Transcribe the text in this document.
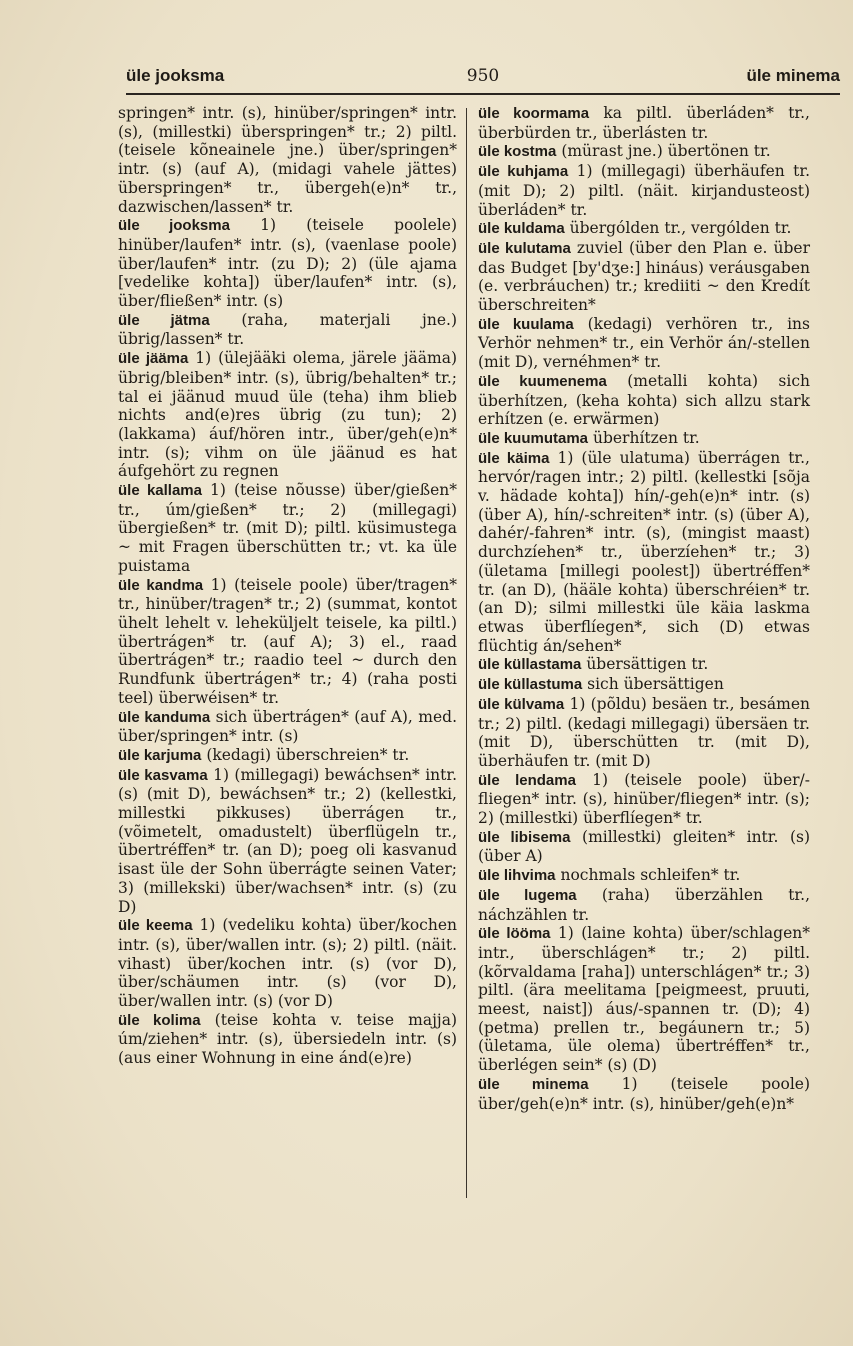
üle jooksma	950	üle minema

springen* intr. (s), hinüber/springen* intr. (s), (millestki) überspringen* tr.; 2) piltl. (teisele kõneainele jne.) über/springen* intr. (s) (auf A), (midagi vahele jättes) überspringen* tr., übergeh(e)n* tr., dazwischen/lassen* tr.

üle jooksma 1) (teisele poolele) hinüber/laufen* intr. (s), (vaenlase poole) über/laufen* intr. (zu D); 2) (üle ajama [vedelike kohta]) über/laufen* intr. (s), über/fließen* intr. (s)

üle jätma (raha, materjali jne.) übrig/lassen* tr.

üle jääma 1) (ülejääki olema, järele jääma) übrig/bleiben* intr. (s), übrig/behalten* tr.; tal ei jäänud muud üle (teha) ihm blieb nichts and(e)res übrig (zu tun); 2) (lakkama) áuf/hören intr., über/geh(e)n* intr. (s); vihm on üle jäänud es hat áufgehört zu regnen

üle kallama 1) (teise nõusse) über/gießen* tr., úm/gießen* tr.; 2) (millegagi) übergießen* tr. (mit D); piltl. küsimustega ~ mit Fragen überschütten tr.; vt. ka üle puistama

üle kandma 1) (teisele poole) über/tragen* tr., hinüber/tragen* tr.; 2) (summat, kontot ühelt lehelt v. leheküljelt teisele, ka piltl.) übertrágen* tr. (auf A); 3) el., raad übertrágen* tr.; raadio teel ~ durch den Rundfunk übertrágen* tr.; 4) (raha posti teel) überwéisen* tr.

üle kanduma sich übertrágen* (auf A), med. über/springen* intr. (s)

üle karjuma (kedagi) überschreien* tr.

üle kasvama 1) (millegagi) bewáchsen* intr. (s) (mit D), bewáchsen* tr.; 2) (kellestki, millestki pikkuses) überrágen tr., (võimetelt, omadustelt) überflügeln tr., übertréffen* tr. (an D); poeg oli kasvanud isast üle der Sohn überrágte seinen Vater; 3) (millekski) über/wachsen* intr. (s) (zu D)

üle keema 1) (vedeliku kohta) über/kochen intr. (s), über/wallen intr. (s); 2) piltl. (näit. vihast) über/kochen intr. (s) (vor D), über/schäumen intr. (s) (vor D), über/wallen intr. (s) (vor D)

üle kolima (teise kohta v. teise majja) úm/ziehen* intr. (s), übersiedeln intr. (s) (aus einer Wohnung in eine ánd(e)re)

üle koormama ka piltl. überláden* tr., überbürden tr., überlásten tr.

üle kostma (mürast jne.) übertönen tr.

üle kuhjama 1) (millegagi) überhäufen tr. (mit D); 2) piltl. (näit. kirjandusteost) überláden* tr.

üle kuldama übergólden tr., vergólden tr.

üle kulutama zuviel (über den Plan e. über das Budget [by'dʒe:] hináus) veráusgaben (e. verbráuchen) tr.; krediiti ~ den Kredít überschreiten*

üle kuulama (kedagi) verhören tr., ins Verhör nehmen* tr., ein Verhör án/-stellen (mit D), vernéhmen* tr.

üle kuumenema (metalli kohta) sich überhítzen, (keha kohta) sich allzu stark erhítzen (e. erwärmen)

üle kuumutama überhítzen tr.

üle käima 1) (üle ulatuma) überrágen tr., hervór/ragen intr.; 2) piltl. (kellestki [sõja v. hädade kohta]) hín/-geh(e)n* intr. (s) (über A), hín/-schreiten* intr. (s) (über A), dahér/-fahren* intr. (s), (mingist maast) durchzíehen* tr., überzíehen* tr.; 3) (ületama [millegi poolest]) übertréffen* tr. (an D), (hääle kohta) überschréien* tr. (an D); silmi millestki üle käia laskma etwas überflíegen*, sich (D) etwas flüchtig án/sehen*

üle küllastama übersättigen tr.

üle küllastuma sich übersättigen

üle külvama 1) (põldu) besäen tr., besámen tr.; 2) piltl. (kedagi millegagi) übersäen tr. (mit D), überschütten tr. (mit D), überhäufen tr. (mit D)

üle lendama 1) (teisele poole) über/-fliegen* intr. (s), hinüber/fliegen* intr. (s); 2) (millestki) überflíegen* tr.

üle libisema (millestki) gleiten* intr. (s) (über A)

üle lihvima nochmals schleifen* tr.

üle lugema (raha) überzählen tr., náchzählen tr.

üle lööma 1) (laine kohta) über/schlagen* intr., überschlágen* tr.; 2) piltl. (kõrvaldama [raha]) unterschlágen* tr.; 3) piltl. (ära meelitama [peigmeest, pruuti, meest, naist]) áus/-spannen tr. (D); 4) (petma) prellen tr., begáunern tr.; 5) (ületama, üle olema) übertréffen* tr., überlégen sein* (s) (D)

üle minema 1) (teisele poole) über/geh(e)n* intr. (s), hinüber/geh(e)n*
